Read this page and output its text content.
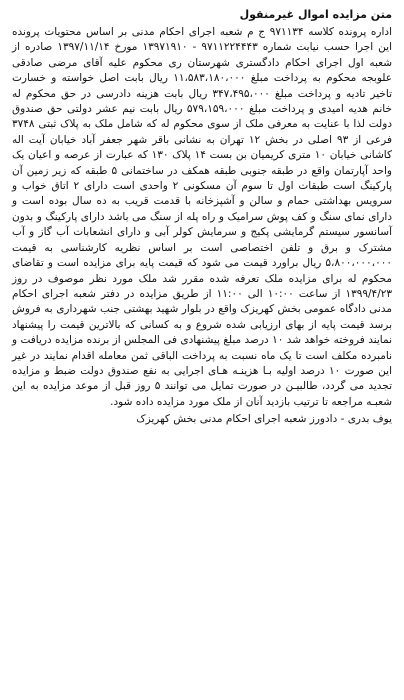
متن مزایده اموال غیرمنقول

اداره پرونده کلاسه ۹۷۱۱۳۴ ج م شعبه اجرای احکام مدنی بر اساس محتویات پرونده این اجرا حسب نیابت شماره ۹۷۱۱۲۲۴۴۴۳ - ۱۳۹۷۱۹۱۰ مورخ ۱۳۹۷/۱۱/۱۴ صادره از شعبه اول اجرای احکام دادگستری شهرستان ری محکوم علیه آقای مرضی صادقی علوبجه محکوم به پرداخت مبلغ ۱۱،۵۸۳،۱۸۰،۰۰۰ ریال بابت اصل خواسته و خسارت تاخیر تادیه و پرداخت مبلغ ۳۴۷،۴۹۵،۰۰۰ ریال بابت هزینه دادرسی در حق محکوم له خانم هدیه امیدی و پرداخت مبلغ ۵۷۹،۱۵۹،۰۰۰ ریال بابت نیم عشر دولتی حق صندوق دولت لذا با عنایت به معرفی ملک از سوی محکوم له که شامل ملک به پلاک ثبتی ۳۷۴۸ فرعی از ۹۳ اصلی در بخش ۱۲ تهران به نشانی باقر شهر جعفر آباد خیابان آیت اله کاشانی خیابان ۱۰ متری کریمیان بن بست ۱۴ پلاک ۱۳۰ که عبارت از عرصه و اعیان یک واحد آپارتمان واقع در طبقه جنوبی طبقه همکف در ساختمانی ۵ طبقه که زیر زمین آن پارکینگ است طبقات اول تا سوم آن مسکونی ۲ واحدی است دارای ۲ اتاق خواب و سرویس بهداشتی حمام و سالن و آشپزخانه با قدمت قریب به ده سال بوده است و دارای نمای سنگ و کف پوش سرامیک و راه پله از سنگ می باشد دارای پارکینگ و بدون آسانسور سیستم گرمایشی پکیج و سرمایش کولر آبی و دارای انشعابات آب گاز و آب مشترک و برق و تلفن اختصاصی است بر اساس نظریه کارشناسی به قیمت ۵،۸۰۰،۰۰۰،۰۰۰ ریال براورد قیمت می شود که قیمت پایه برای مزایده است و تقاضای محکوم له برای مزایده ملک تعرفه شده مقرر شد ملک مورد نظر موصوف در روز ۱۳۹۹/۴/۲۳ از ساعت ۱۰:۰۰ الی ۱۱:۰۰ از طریق مزایده در دفتر شعبه اجرای احکام مدنی دادگاه عمومی بخش کهریزک واقع در بلوار شهید بهشتی جنب شهرداری به فروش برسد قیمت پایه از بهای ارزیابی شده شروع و به کسانی که بالاترین قیمت را پیشنهاد نمایند فروخته خواهد شد ۱۰ درصد مبلغ پیشنهادی فی المجلس از برنده مزایده دریافت و نامبرده مکلف است تا یک ماه نسبت به پرداخت الباقی ثمن معامله اقدام نمایند در غیر این صورت ۱۰ درصد اولیه بـا هزینـه هـای اجرایی به نفع صندوق دولت ضبط و مزایده تجدید می گردد، طالبیـن در صورت تمایل می توانند ۵ روز قبل از موعد مزایده به این شعبـه مراجعه تا ترتیب بازدید آنان از ملک مورد مزایده داده شود.

یوف بدری - دادورز شعبه اجرای احکام مدنی بخش کهریزک
